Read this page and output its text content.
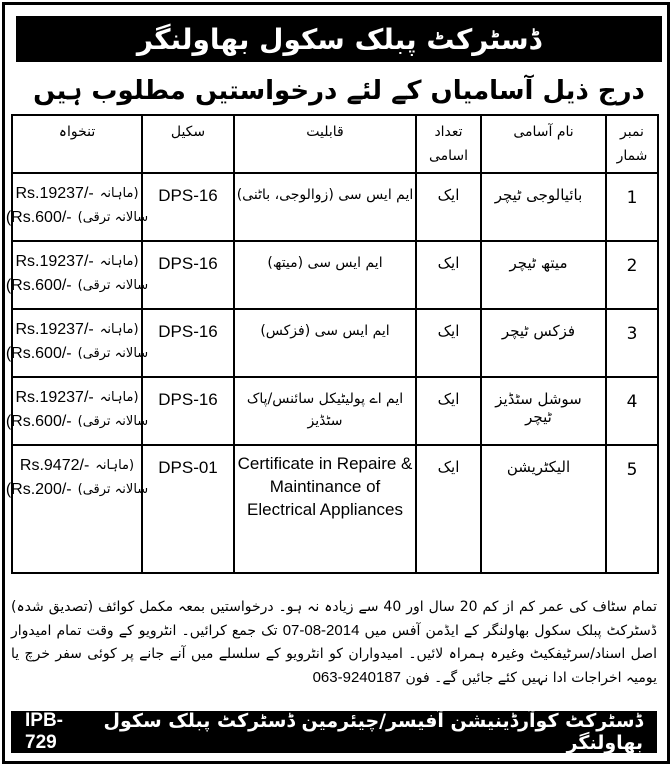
ڈسٹرکٹ پبلک سکول بھاولنگر
درج ذیل آسامیاں کے لئے درخواستیں مطلوب ہیں
نمبر شمار	نام آسامی	تعداد اسامی	قابلیت	سکیل	تنخواہ
1	بائیالوجی ٹیچر	ایک	ایم ایس سی (زوالوجی، باٹنی)	DPS-16	Rs.19237/- (ماہانہ
(Rs.600/- سالانہ ترقی)

2	میتھ ٹیچر	ایک	ایم ایس سی (میتھ)	DPS-16	Rs.19237/- (ماہانہ
(Rs.600/- سالانہ ترقی)

3	فزکس ٹیچر	ایک	ایم ایس سی (فزکس)	DPS-16	Rs.19237/- (ماہانہ
(Rs.600/- سالانہ ترقی)

4	سوشل سٹڈیز ٹیچر	ایک	ایم اے پولیٹیکل سائنس/پاک سٹڈیز	DPS-16	Rs.19237/- (ماہانہ
(Rs.600/- سالانہ ترقی)

5	الیکٹریشن	ایک	Certificate in Repaire & Maintinance of Electrical Appliances	DPS-01	Rs.9472/- (ماہانہ
(Rs.200/- سالانہ ترقی)
تمام سٹاف کی عمر کم از کم 20 سال اور 40 سے زیادہ نہ ہو۔ درخواستیں بمعہ مکمل کوائف (تصدیق شدہ) ڈسٹرکٹ پبلک سکول بھاولنگر کے ایڈمن آفس میں 07-08-2014 تک جمع کرائیں۔ انٹرویو کے وقت تمام امیدوار اصل اسناد/سرٹیفکیٹ وغیرہ ہمراہ لائیں۔ امیدواران کو انٹرویو کے سلسلے میں آنے جانے پر کوئی سفر خرچ یا یومیہ اخراجات ادا نہیں کئے جائیں گے۔ فون 063-9240187
ڈسٹرکٹ کوآرڈینیشن آفیسر/چیئرمین ڈسٹرکٹ پبلک سکول بھاولنگر
IPB-729
